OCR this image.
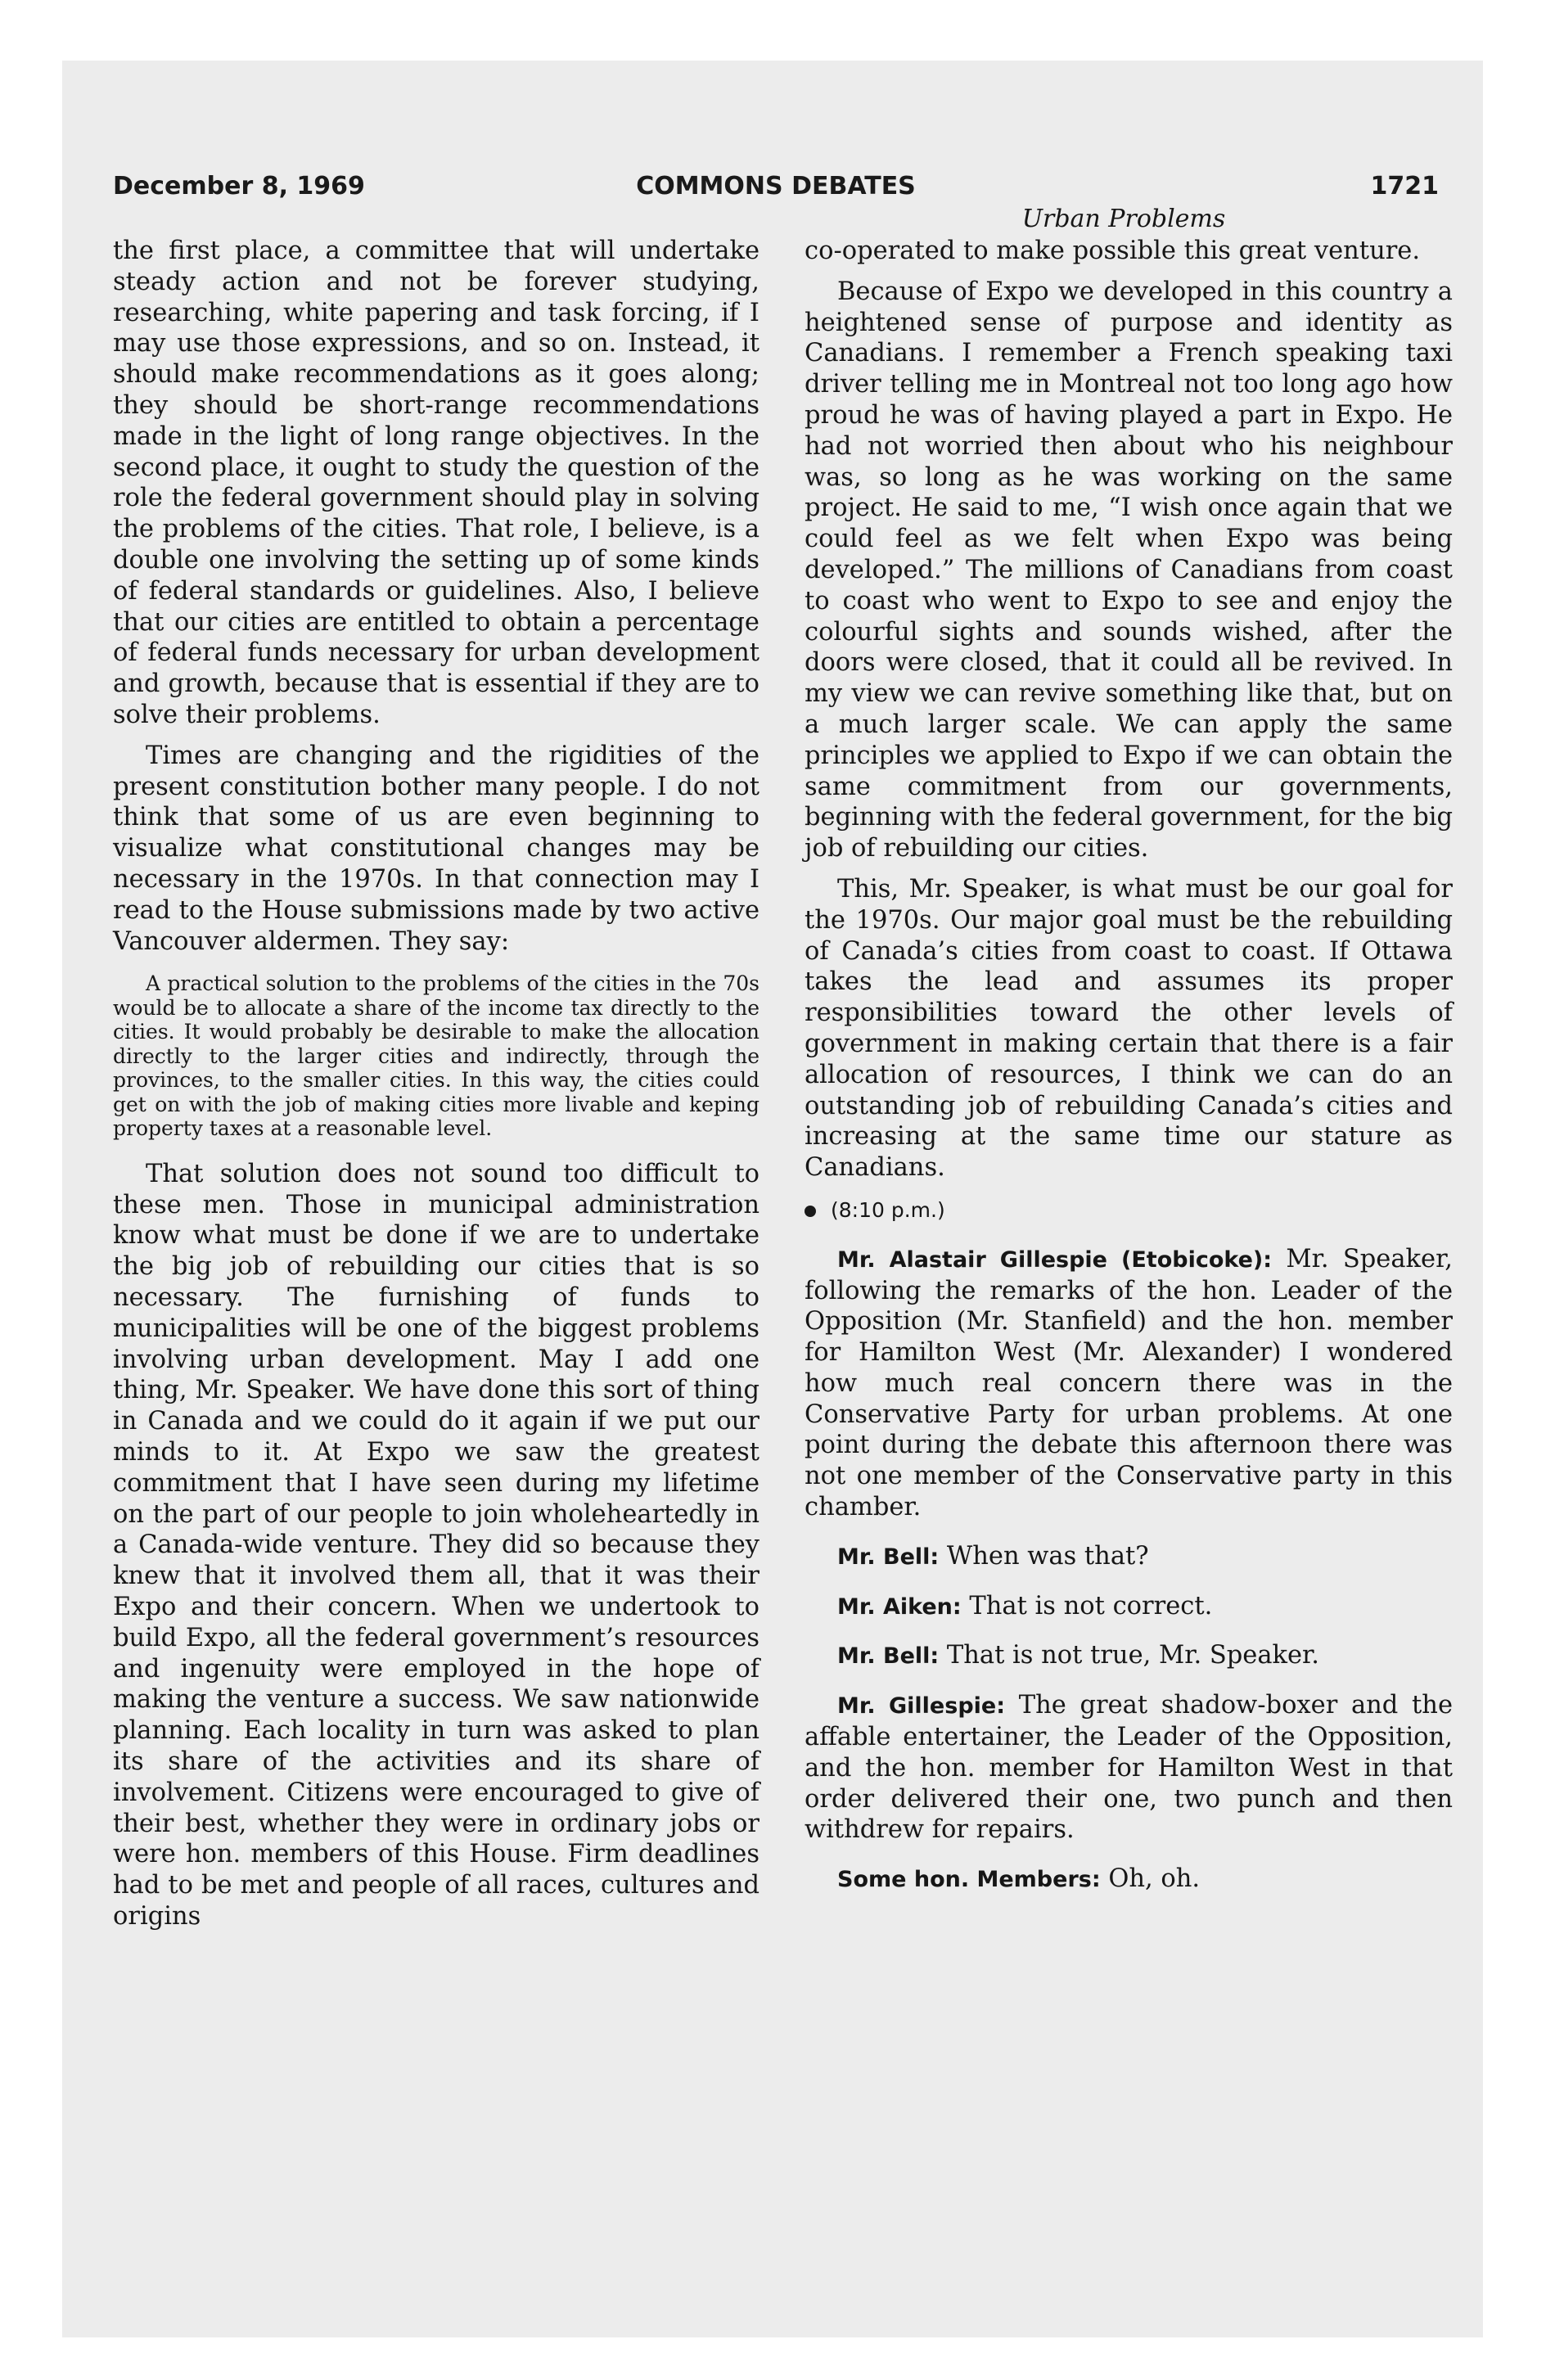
December 8, 1969	COMMONS DEBATES	1721
Urban Problems

the first place, a committee that will undertake steady action and not be forever studying, researching, white papering and task forcing, if I may use those expressions, and so on. Instead, it should make recommendations as it goes along; they should be short-range recommendations made in the light of long range objectives. In the second place, it ought to study the question of the role the federal government should play in solving the problems of the cities. That role, I believe, is a double one involving the setting up of some kinds of federal standards or guidelines. Also, I believe that our cities are entitled to obtain a percentage of federal funds necessary for urban development and growth, because that is essential if they are to solve their problems.

Times are changing and the rigidities of the present constitution bother many people. I do not think that some of us are even beginning to visualize what constitutional changes may be necessary in the 1970s. In that connection may I read to the House submissions made by two active Vancouver aldermen. They say:

A practical solution to the problems of the cities in the 70s would be to allocate a share of the income tax directly to the cities. It would probably be desirable to make the allocation directly to the larger cities and indirectly, through the provinces, to the smaller cities. In this way, the cities could get on with the job of making cities more livable and keping property taxes at a reasonable level.

That solution does not sound too difficult to these men. Those in municipal administration know what must be done if we are to undertake the big job of rebuilding our cities that is so necessary. The furnishing of funds to municipalities will be one of the biggest problems involving urban development. May I add one thing, Mr. Speaker. We have done this sort of thing in Canada and we could do it again if we put our minds to it. At Expo we saw the greatest commitment that I have seen during my lifetime on the part of our people to join wholeheartedly in a Canada-wide venture. They did so because they knew that it involved them all, that it was their Expo and their concern. When we undertook to build Expo, all the federal government’s resources and ingenuity were employed in the hope of making the venture a success. We saw nationwide planning. Each locality in turn was asked to plan its share of the activities and its share of involvement. Citizens were encouraged to give of their best, whether they were in ordinary jobs or were hon. members of this House. Firm deadlines had to be met and people of all races, cultures and origins

co-operated to make possible this great venture.

Because of Expo we developed in this country a heightened sense of purpose and identity as Canadians. I remember a French speaking taxi driver telling me in Montreal not too long ago how proud he was of having played a part in Expo. He had not worried then about who his neighbour was, so long as he was working on the same project. He said to me, “I wish once again that we could feel as we felt when Expo was being developed.” The millions of Canadians from coast to coast who went to Expo to see and enjoy the colourful sights and sounds wished, after the doors were closed, that it could all be revived. In my view we can revive something like that, but on a much larger scale. We can apply the same principles we applied to Expo if we can obtain the same commitment from our governments, beginning with the federal government, for the big job of rebuilding our cities.

This, Mr. Speaker, is what must be our goal for the 1970s. Our major goal must be the rebuilding of Canada’s cities from coast to coast. If Ottawa takes the lead and assumes its proper responsibilities toward the other levels of government in making certain that there is a fair allocation of resources, I think we can do an outstanding job of rebuilding Canada’s cities and increasing at the same time our stature as Canadians.

(8:10 p.m.)

Mr. Alastair Gillespie (Etobicoke): Mr. Speaker, following the remarks of the hon. Leader of the Opposition (Mr. Stanfield) and the hon. member for Hamilton West (Mr. Alexander) I wondered how much real concern there was in the Conservative Party for urban problems. At one point during the debate this afternoon there was not one member of the Conservative party in this chamber.

Mr. Bell: When was that?

Mr. Aiken: That is not correct.

Mr. Bell: That is not true, Mr. Speaker.

Mr. Gillespie: The great shadow-boxer and the affable entertainer, the Leader of the Opposition, and the hon. member for Hamilton West in that order delivered their one, two punch and then withdrew for repairs.

Some hon. Members: Oh, oh.
